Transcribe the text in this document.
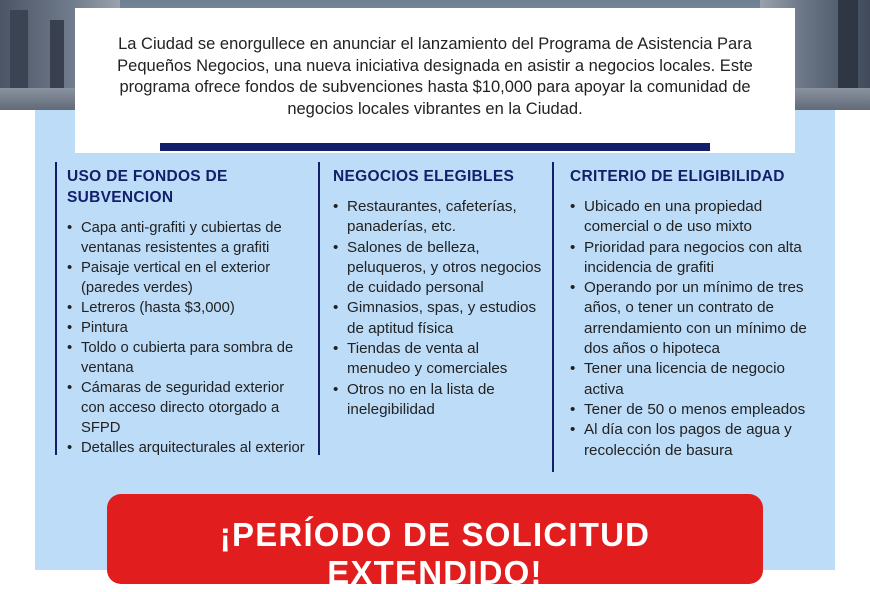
La Ciudad se enorgullece en anunciar el lanzamiento del Programa de Asistencia Para Pequeños Negocios, una nueva iniciativa designada en asistir a negocios locales. Este programa ofrece fondos de subvenciones hasta $10,000 para apoyar la comunidad de negocios locales vibrantes en la Ciudad.

USO DE FONDOS DE SUBVENCION
• Capa anti-grafiti y cubiertas de ventanas resistentes a grafiti
• Paisaje vertical en el exterior (paredes verdes)
• Letreros (hasta $3,000)
• Pintura
• Toldo o cubierta para sombra de ventana
• Cámaras de seguridad exterior con acceso directo otorgado a SFPD
• Detalles arquitecturales al exterior
NEGOCIOS ELEGIBLES
• Restaurantes, cafeterías, panaderías, etc.
• Salones de belleza, peluqueros, y otros negocios de cuidado personal
• Gimnasios, spas, y estudios de aptitud física
• Tiendas de venta al menudeo y comerciales
• Otros no en la lista de inelegibilidad
CRITERIO DE ELIGIBILIDAD
• Ubicado en una propiedad comercial o de uso mixto
• Prioridad para negocios con alta incidencia de grafiti
• Operando por un mínimo de tres años, o tener un contrato de arrendamiento con un mínimo de dos años o hipoteca
• Tener una licencia de negocio activa
• Tener de 50 o menos empleados
• Al día con los pagos de agua y recolección de basura
¡PERÍODO DE SOLICITUD EXTENDIDO!
